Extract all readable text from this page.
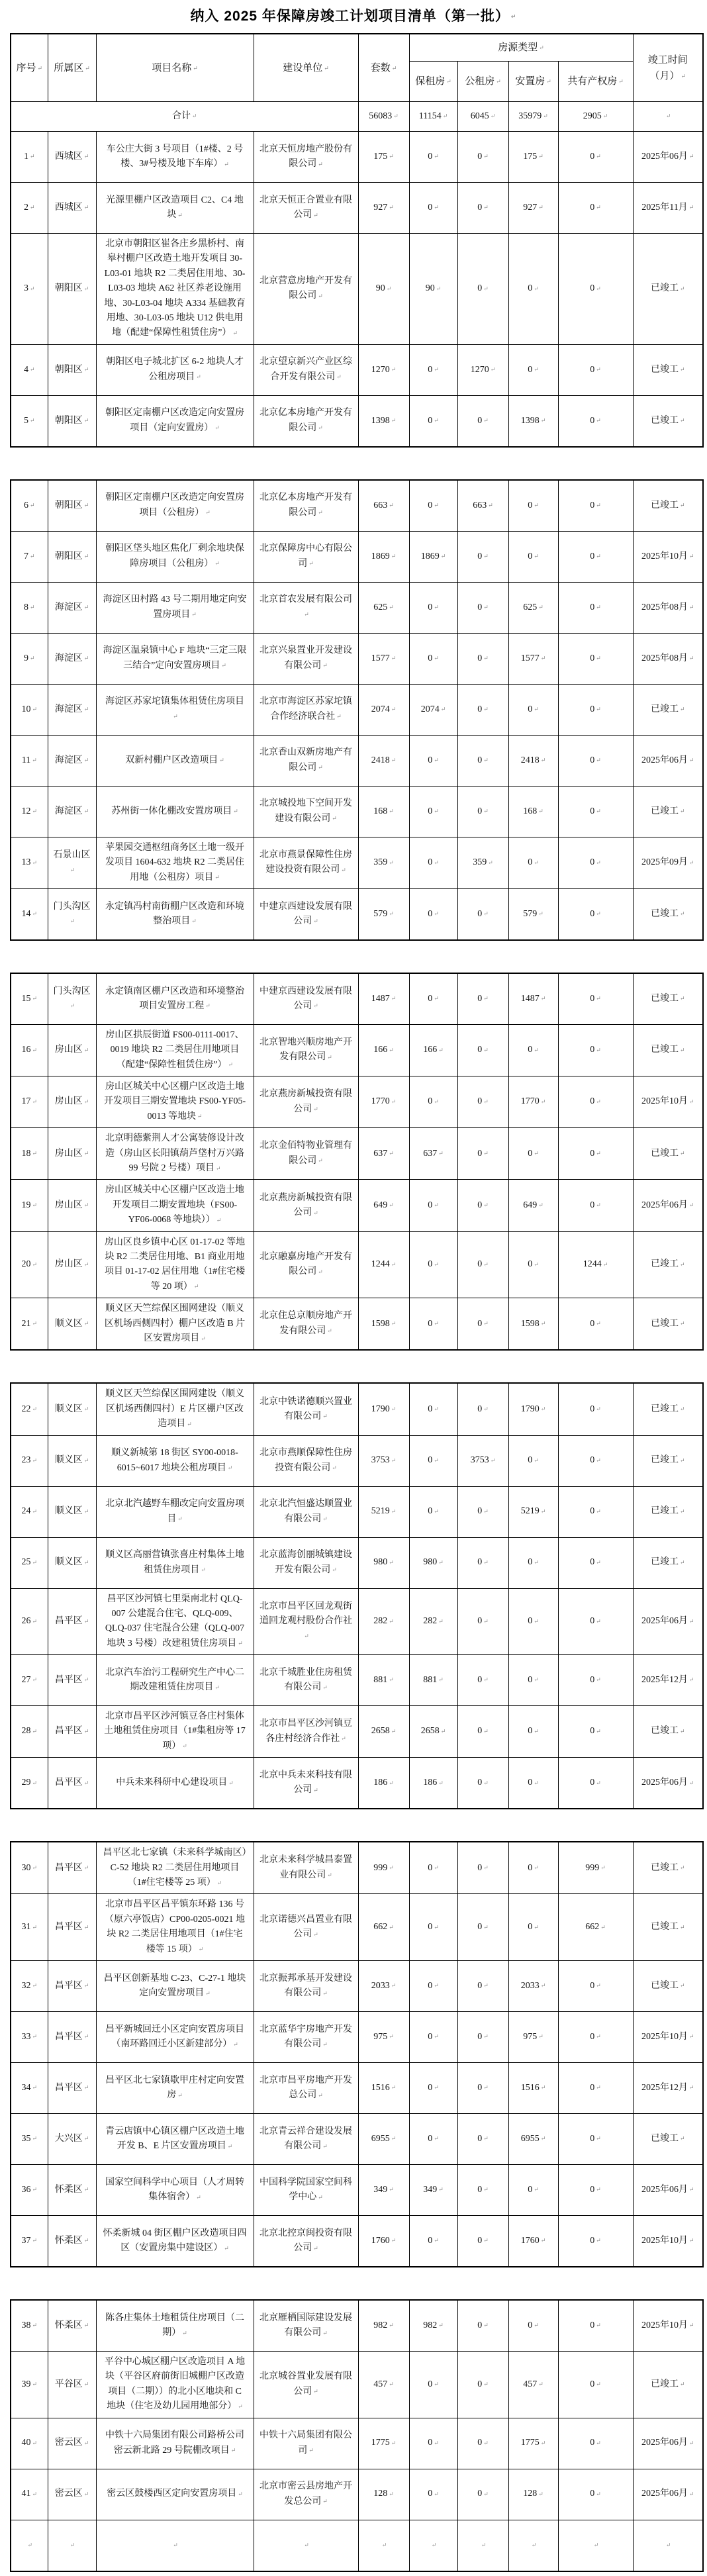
纳入 2025 年保障房竣工计划项目清单（第一批） ↵
序号 ↵	所属区 ↵	项目名称 ↵	建设单位 ↵	套数 ↵	房源类型 ↵				竣工时间（月） ↵
					保租房 ↵	公租房 ↵	安置房 ↵	共有产权房 ↵	
合计 ↵				56083 ↵	11154 ↵	6045 ↵	35979 ↵	2905 ↵	↵
1 ↵	西城区 ↵	车公庄大街 3 号项目（1#楼、2 号楼、3#号楼及地下车库） ↵	北京天恒房地产股份有限公司 ↵	175 ↵	0 ↵	0 ↵	175 ↵	0 ↵	2025年06月 ↵
2 ↵	西城区 ↵	光源里棚户区改造项目 C2、C4 地块 ↵	北京天恒正合置业有限公司 ↵	927 ↵	0 ↵	0 ↵	927 ↵	0 ↵	2025年11月 ↵
3 ↵	朝阳区 ↵	北京市朝阳区崔各庄乡黑桥村、南皋村棚户区改造土地开发项目 30-L03-01 地块 R2 二类居住用地、30-L03-03 地块 A62 社区养老设施用地、30-L03-04 地块 A334 基础教育用地、30-L03-05 地块 U12 供电用地（配建“保障性租赁住房”） ↵	北京营意房地产开发有限公司 ↵	90 ↵	90 ↵	0 ↵	0 ↵	0 ↵	已竣工 ↵
4 ↵	朝阳区 ↵	朝阳区电子城北扩区 6-2 地块人才公租房项目 ↵	北京望京新兴产业区综合开发有限公司 ↵	1270 ↵	0 ↵	1270 ↵	0 ↵	0 ↵	已竣工 ↵
5 ↵	朝阳区 ↵	朝阳区定南棚户区改造定向安置房项目（定向安置房） ↵	北京亿本房地产开发有限公司 ↵	1398 ↵	0 ↵	0 ↵	1398 ↵	0 ↵	已竣工 ↵
6 ↵	朝阳区 ↵	朝阳区定南棚户区改造定向安置房项目（公租房） ↵	北京亿本房地产开发有限公司 ↵	663 ↵	0 ↵	663 ↵	0 ↵	0 ↵	已竣工 ↵
7 ↵	朝阳区 ↵	朝阳区垡头地区焦化厂剩余地块保障房项目（公租房） ↵	北京保障房中心有限公司 ↵	1869 ↵	1869 ↵	0 ↵	0 ↵	0 ↵	2025年10月 ↵
8 ↵	海淀区 ↵	海淀区田村路 43 号二期用地定向安置房项目 ↵	北京首农发展有限公司↵	625 ↵	0 ↵	0 ↵	625 ↵	0 ↵	2025年08月 ↵
9 ↵	海淀区 ↵	海淀区温泉镇中心 F 地块“三定三限三结合”定向安置房项目 ↵	北京兴泉置业开发建设有限公司 ↵	1577 ↵	0 ↵	0 ↵	1577 ↵	0 ↵	2025年08月 ↵
10 ↵	海淀区 ↵	海淀区苏家坨镇集体租赁住房项目↵	北京市海淀区苏家坨镇合作经济联合社 ↵	2074 ↵	2074 ↵	0 ↵	0 ↵	0 ↵	已竣工 ↵
11 ↵	海淀区 ↵	双新村棚户区改造项目 ↵	北京香山双新房地产有限公司 ↵	2418 ↵	0 ↵	0 ↵	2418 ↵	0 ↵	2025年06月 ↵
12 ↵	海淀区 ↵	苏州街一体化棚改安置房项目 ↵	北京城投地下空间开发建设有限公司 ↵	168 ↵	0 ↵	0 ↵	168 ↵	0 ↵	已竣工 ↵
13 ↵	石景山区↵	苹果园交通枢纽商务区土地一级开发项目 1604-632 地块 R2 二类居住用地（公租房）项目 ↵	北京市燕景保障性住房建设投资有限公司 ↵	359 ↵	0 ↵	359 ↵	0 ↵	0 ↵	2025年09月 ↵
14 ↵	门头沟区↵	永定镇冯村南街棚户区改造和环境整治项目 ↵	中建京西建设发展有限公司 ↵	579 ↵	0 ↵	0 ↵	579 ↵	0 ↵	已竣工 ↵
15 ↵	门头沟区↵	永定镇南区棚户区改造和环境整治项目安置房工程 ↵	中建京西建设发展有限公司 ↵	1487 ↵	0 ↵	0 ↵	1487 ↵	0 ↵	已竣工 ↵
16 ↵	房山区 ↵	房山区拱辰街道 FS00-0111-0017、0019 地块 R2 二类居住用地项目（配建“保障性租赁住房”） ↵	北京智地兴顺房地产开发有限公司 ↵	166 ↵	166 ↵	0 ↵	0 ↵	0 ↵	已竣工 ↵
17 ↵	房山区 ↵	房山区城关中心区棚户区改造土地开发项目三期安置地块 FS00-YF05-0013 等地块 ↵	北京燕房新城投资有限公司 ↵	1770 ↵	0 ↵	0 ↵	1770 ↵	0 ↵	2025年10月 ↵
18 ↵	房山区 ↵	北京明德紫荆人才公寓装修设计改造（房山区长阳镇葫芦垡村万兴路 99 号院 2 号楼）项目 ↵	北京金佰特物业管理有限公司 ↵	637 ↵	637 ↵	0 ↵	0 ↵	0 ↵	已竣工 ↵
19 ↵	房山区 ↵	房山区城关中心区棚户区改造土地开发项目二期安置地块（FS00-YF06-0068 等地块）） ↵	北京燕房新城投资有限公司 ↵	649 ↵	0 ↵	0 ↵	649 ↵	0 ↵	2025年06月 ↵
20 ↵	房山区 ↵	房山区良乡镇中心区 01-17-02 等地块 R2 二类居住用地、B1 商业用地项目 01-17-02 居住用地（1#住宅楼等 20 项） ↵	北京融嘉房地产开发有限公司 ↵	1244 ↵	0 ↵	0 ↵	0 ↵	1244 ↵	已竣工 ↵
21 ↵	顺义区 ↵	顺义区天竺综保区围网建设（顺义区机场西侧四村）棚户区改造 B 片区安置房项目 ↵	北京住总京顺房地产开发有限公司 ↵	1598 ↵	0 ↵	0 ↵	1598 ↵	0 ↵	已竣工 ↵
22 ↵	顺义区 ↵	顺义区天竺综保区围网建设（顺义区机场西侧四村）E 片区棚户区改造项目 ↵	北京中铁诺德顺兴置业有限公司 ↵	1790 ↵	0 ↵	0 ↵	1790 ↵	0 ↵	已竣工 ↵
23 ↵	顺义区 ↵	顺义新城第 18 街区 SY00-0018-6015~6017 地块公租房项目 ↵	北京市燕顺保障性住房投资有限公司 ↵	3753 ↵	0 ↵	3753 ↵	0 ↵	0 ↵	已竣工 ↵
24 ↵	顺义区 ↵	北京北汽越野车棚改定向安置房项目 ↵	北京北汽恒盛达顺置业有限公司 ↵	5219 ↵	0 ↵	0 ↵	5219 ↵	0 ↵	已竣工 ↵
25 ↵	顺义区 ↵	顺义区高丽营镇张喜庄村集体土地租赁住房项目 ↵	北京蓝海创丽城镇建设开发有限公司 ↵	980 ↵	980 ↵	0 ↵	0 ↵	0 ↵	已竣工 ↵
26 ↵	昌平区 ↵	昌平区沙河镇七里渠南北村 QLQ-007 公建混合住宅、QLQ-009、QLQ-037 住宅混合公建（QLQ-007 地块 3 号楼）改建租赁住房项目 ↵	北京市昌平区回龙观街道回龙观村股份合作社↵	282 ↵	282 ↵	0 ↵	0 ↵	0 ↵	2025年06月 ↵
27 ↵	昌平区 ↵	北京汽车治污工程研究生产中心二期改建租赁住房项目 ↵	北京千城胜业住房租赁有限公司 ↵	881 ↵	881 ↵	0 ↵	0 ↵	0 ↵	2025年12月 ↵
28 ↵	昌平区 ↵	北京市昌平区沙河镇豆各庄村集体土地租赁住房项目（1#集租房等 17 项） ↵	北京市昌平区沙河镇豆各庄村经济合作社 ↵	2658 ↵	2658 ↵	0 ↵	0 ↵	0 ↵	已竣工 ↵
29 ↵	昌平区 ↵	中兵未来科研中心建设项目 ↵	北京中兵未来科技有限公司 ↵	186 ↵	186 ↵	0 ↵	0 ↵	0 ↵	2025年06月 ↵
30 ↵	昌平区 ↵	昌平区北七家镇（未来科学城南区）C-52 地块 R2 二类居住用地项目（1#住宅楼等 25 项） ↵	北京未来科学城昌泰置业有限公司 ↵	999 ↵	0 ↵	0 ↵	0 ↵	999 ↵	已竣工 ↵
31 ↵	昌平区 ↵	北京市昌平区昌平镇东环路 136 号（原六亭饭店）CP00-0205-0021 地块 R2 二类居住用地项目（1#住宅楼等 15 项） ↵	北京诺德兴昌置业有限公司 ↵	662 ↵	0 ↵	0 ↵	0 ↵	662 ↵	已竣工 ↵
32 ↵	昌平区 ↵	昌平区创新基地 C-23、C-27-1 地块定向安置房项目 ↵	北京振邦承基开发建设有限公司 ↵	2033 ↵	0 ↵	0 ↵	2033 ↵	0 ↵	已竣工 ↵
33 ↵	昌平区 ↵	昌平新城回迁小区定向安置房项目（南环路回迁小区新建部分） ↵	北京蓝华宇房地产开发有限公司 ↵	975 ↵	0 ↵	0 ↵	975 ↵	0 ↵	2025年10月 ↵
34 ↵	昌平区 ↵	昌平区北七家镇歇甲庄村定向安置房 ↵	北京市昌平房地产开发总公司 ↵	1516 ↵	0 ↵	0 ↵	1516 ↵	0 ↵	2025年12月 ↵
35 ↵	大兴区 ↵	青云店镇中心镇区棚户区改造土地开发 B、E 片区安置房项目 ↵	北京青云祥合建设发展有限公司 ↵	6955 ↵	0 ↵	0 ↵	6955 ↵	0 ↵	已竣工 ↵
36 ↵	怀柔区 ↵	国家空间科学中心项目（人才周转集体宿舍） ↵	中国科学院国家空间科学中心 ↵	349 ↵	349 ↵	0 ↵	0 ↵	0 ↵	2025年06月 ↵
37 ↵	怀柔区 ↵	怀柔新城 04 街区棚户区改造项目四区（安置房集中建设区） ↵	北京北控京闽投资有限公司 ↵	1760 ↵	0 ↵	0 ↵	1760 ↵	0 ↵	2025年10月 ↵
38 ↵	怀柔区 ↵	陈各庄集体土地租赁住房项目（二期） ↵	北京雁栖国际建设发展有限公司 ↵	982 ↵	982 ↵	0 ↵	0 ↵	0 ↵	2025年10月 ↵
39 ↵	平谷区 ↵	平谷中心城区棚户区改造项目 A 地块（平谷区府前街旧城棚户区改造项目（二期））的北小区地块和 C 地块（住宅及幼儿园用地部分） ↵	北京城谷置业发展有限公司 ↵	457 ↵	0 ↵	0 ↵	457 ↵	0 ↵	已竣工 ↵
40 ↵	密云区 ↵	中铁十六局集团有限公司路桥公司密云新北路 29 号院棚改项目 ↵	中铁十六局集团有限公司 ↵	1775 ↵	0 ↵	0 ↵	1775 ↵	0 ↵	2025年06月 ↵
41 ↵	密云区 ↵	密云区鼓楼西区定向安置房项目 ↵	北京市密云县房地产开发总公司 ↵	128 ↵	0 ↵	0 ↵	128 ↵	0 ↵	2025年06月 ↵
↵	↵	↵	↵	↵	↵	↵	↵	↵	↵
